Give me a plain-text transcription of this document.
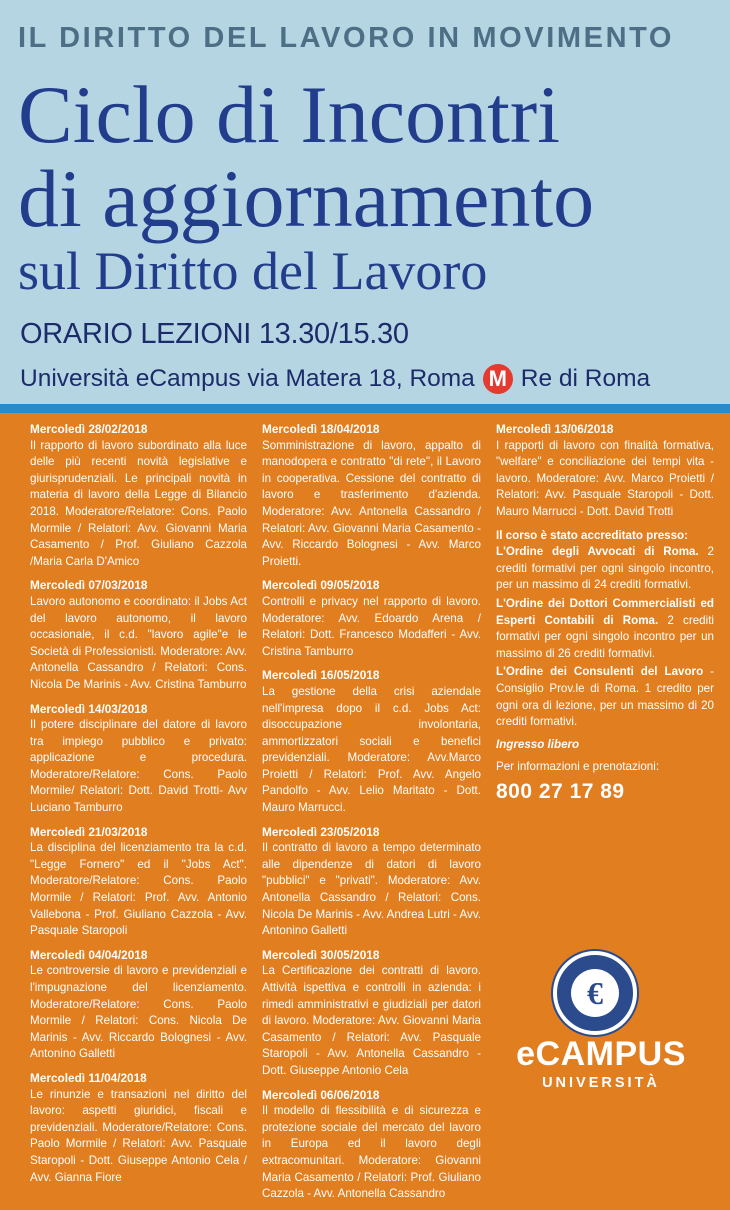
IL DIRITTO DEL LAVORO IN MOVIMENTO
Ciclo di Incontri
di aggiornamento
sul Diritto del Lavoro
ORARIO LEZIONI 13.30/15.30
Università eCampus via Matera 18, Roma M Re di Roma
Mercoledì 28/02/2018
Il rapporto di lavoro subordinato alla luce delle più recenti novità legislative e giurisprudenziali. Le principali novità in materia di lavoro della Legge di Bilancio 2018. Moderatore/Relatore: Cons. Paolo Mormile / Relatori: Avv. Giovanni Maria Casamento / Prof. Giuliano Cazzola /Maria Carla D'Amico
Mercoledì 07/03/2018
Lavoro autonomo e coordinato: il Jobs Act del lavoro autonomo, il lavoro occasionale, il c.d. "lavoro agile"e le Società di Professionisti. Moderatore: Avv. Antonella Cassandro / Relatori: Cons. Nicola De Marinis - Avv. Cristina Tamburro
Mercoledì 14/03/2018
Il potere disciplinare del datore di lavoro tra impiego pubblico e privato: applicazione e procedura. Moderatore/Relatore: Cons. Paolo Mormile/ Relatori: Dott. David Trotti- Avv Luciano Tamburro
Mercoledì 21/03/2018
La disciplina del licenziamento tra la c.d. "Legge Fornero" ed il "Jobs Act". Moderatore/Relatore: Cons. Paolo Mormile / Relatori: Prof. Avv. Antonio Vallebona - Prof. Giuliano Cazzola - Avv. Pasquale Staropoli
Mercoledì 04/04/2018
Le controversie di lavoro e previdenziali e l'impugnazione del licenziamento. Moderatore/Relatore: Cons. Paolo Mormile / Relatori: Cons. Nicola De Marinis - Avv. Riccardo Bolognesi - Avv. Antonino Galletti
Mercoledì 11/04/2018
Le rinunzie e transazioni nel diritto del lavoro: aspetti giuridici, fiscali e previdenziali. Moderatore/Relatore: Cons. Paolo Mormile / Relatori: Avv. Pasquale Staropoli - Dott. Giuseppe Antonio Cela / Avv. Gianna Fiore
Mercoledì 18/04/2018
Somministrazione di lavoro, appalto di manodopera e contratto "di rete", il Lavoro in cooperativa. Cessione del contratto di lavoro e trasferimento d'azienda. Moderatore: Avv. Antonella Cassandro / Relatori: Avv. Giovanni Maria Casamento - Avv. Riccardo Bolognesi - Avv. Marco Proietti.
Mercoledì 09/05/2018
Controlli e privacy nel rapporto di lavoro. Moderatore: Avv. Edoardo Arena / Relatori: Dott. Francesco Modafferi - Avv. Cristina Tamburro
Mercoledì 16/05/2018
La gestione della crisi aziendale nell'impresa dopo il c.d. Jobs Act: disoccupazione involontaria, ammortizzatori sociali e benefici previdenziali. Moderatore: Avv.Marco Proietti / Relatori: Prof. Avv. Angelo Pandolfo - Avv. Lelio Maritato - Dott. Mauro Marrucci.
Mercoledì 23/05/2018
Il contratto di lavoro a tempo determinato alle dipendenze di datori di lavoro "pubblici" e "privati". Moderatore: Avv. Antonella Cassandro / Relatori: Cons. Nicola De Marinis - Avv. Andrea Lutri - Avv. Antonino Galletti
Mercoledì 30/05/2018
La Certificazione dei contratti di lavoro. Attività ispettiva e controlli in azienda: i rimedi amministrativi e giudiziali per datori di lavoro. Moderatore: Avv. Giovanni Maria Casamento / Relatori: Avv. Pasquale Staropoli - Avv. Antonella Cassandro - Dott. Giuseppe Antonio Cela
Mercoledì 06/06/2018
Il modello di flessibilità e di sicurezza e protezione sociale del mercato del lavoro in Europa ed il lavoro degli extracomunitari. Moderatore: Giovanni Maria Casamento / Relatori: Prof. Giuliano Cazzola - Avv. Antonella Cassandro
Mercoledì 13/06/2018
I rapporti di lavoro con finalità formativa, "welfare" e conciliazione dei tempi vita - lavoro. Moderatore: Avv. Marco Proietti / Relatori: Avv. Pasquale Staropoli - Dott. Mauro Marrucci - Dott. David Trotti
Il corso è stato accreditato presso:
L'Ordine degli Avvocati di Roma. 2 crediti formativi per ogni singolo incontro, per un massimo di 24 crediti formativi.
L'Ordine dei Dottori Commercialisti ed Esperti Contabili di Roma. 2 crediti formativi per ogni singolo incontro per un massimo di 26 crediti formativi.
L'Ordine dei Consulenti del Lavoro - Consiglio Prov.le di Roma. 1 credito per ogni ora di lezione, per un massimo di 20 crediti formativi.
Ingresso libero
Per informazioni e prenotazioni:
800 27 17 89
€
eCAMPUS
UNIVERSITÀ
